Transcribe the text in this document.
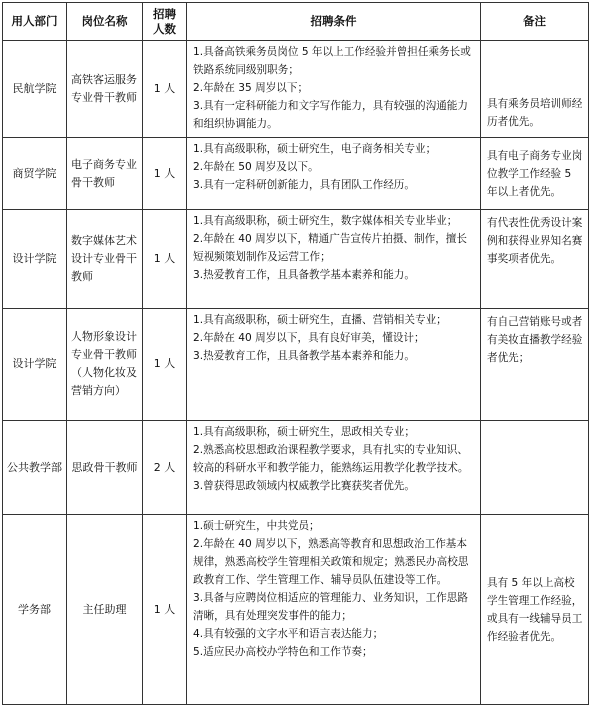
用人部门	岗位名称	招聘人数	招聘条件	备注
民航学院	高铁客运服务专业骨干教师	1 人	1.具备高铁乘务员岗位 5 年以上工作经验并曾担任乘务长或铁路系统同级别职务；
2.年龄在 35 周岁以下；
3.具有一定科研能力和文字写作能力，具有较强的沟通能力和组织协调能力。	具有乘务员培训师经历者优先。
商贸学院	电子商务专业骨干教师	1 人	1.具有高级职称，硕士研究生，电子商务相关专业；
2.年龄在 50 周岁及以下。
3.具有一定科研创新能力，具有团队工作经历。	具有电子商务专业岗位教学工作经验 5 年以上者优先。
设计学院	数字媒体艺术设计专业骨干教师	1 人	1.具有高级职称，硕士研究生，数字媒体相关专业毕业；
2.年龄在 40 周岁以下，精通广告宣传片拍摄、制作，擅长短视频策划制作及运营工作；
3.热爱教育工作，且具备教学基本素养和能力。	有代表性优秀设计案例和获得业界知名赛事奖项者优先。
设计学院	人物形象设计专业骨干教师（人物化妆及营销方向）	1 人	1.具有高级职称，硕士研究生，直播、营销相关专业；
2.年龄在 40 周岁以下，具有良好审美，懂设计；
3.热爱教育工作，且具备教学基本素养和能力。	有自己营销账号或者有美妆直播教学经验者优先；
公共教学部	思政骨干教师	2 人	1.具有高级职称，硕士研究生，思政相关专业；
2.熟悉高校思想政治课程教学要求，具有扎实的专业知识、较高的科研水平和教学能力，能熟练运用教学化教学技术。
3.曾获得思政领域内权威教学比赛获奖者优先。	

学务部	主任助理	1 人	1.硕士研究生，中共党员；
2.年龄在 40 周岁以下，熟悉高等教育和思想政治工作基本规律，熟悉高校学生管理相关政策和规定；熟悉民办高校思政教育工作、学生管理工作、辅导员队伍建设等工作。
3.具备与应聘岗位相适应的管理能力、业务知识，工作思路清晰，具有处理突发事件的能力；
4.具有较强的文字水平和语言表达能力；
5.适应民办高校办学特色和工作节奏；	具有 5 年以上高校学生管理工作经验，或具有一线辅导员工作经验者优先。
